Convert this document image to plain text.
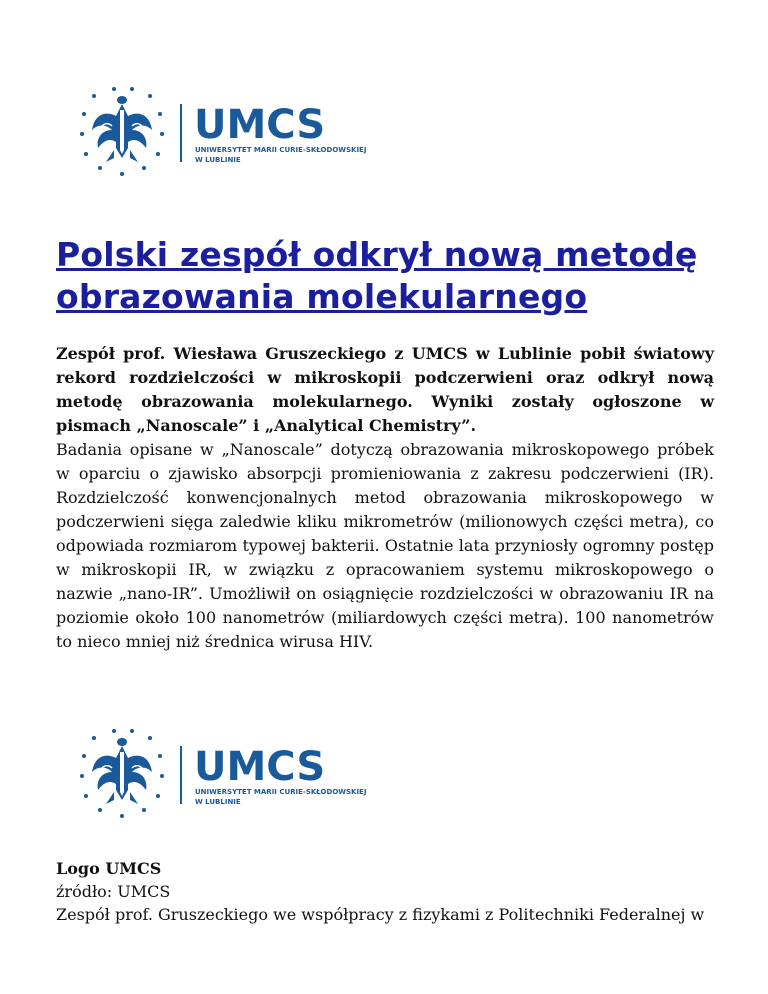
UMCS
UNIWERSYTET MARII CURIE-SKŁODOWSKIEJ
W LUBLINIE
Polski zespół odkrył nową metodę obrazowania molekularnego

Zespół prof. Wiesława Gruszeckiego z UMCS w Lublinie pobił światowy rekord rozdzielczości w mikroskopii podczerwieni oraz odkrył nową metodę obrazowania molekularnego. Wyniki zostały ogłoszone w pismach „Nanoscale” i „Analytical Chemistry”.

Badania opisane w „Nanoscale” dotyczą obrazowania mikroskopowego próbek w oparciu o zjawisko absorpcji promieniowania z zakresu podczerwieni (IR). Rozdzielczość konwencjonalnych metod obrazowania mikroskopowego w podczerwieni sięga zaledwie kliku mikrometrów (milionowych części metra), co odpowiada rozmiarom typowej bakterii. Ostatnie lata przyniosły ogromny postęp w mikroskopii IR, w związku z opracowaniem systemu mikroskopowego o nazwie „nano-IR”. Umożliwił on osiągnięcie rozdzielczości w obrazowaniu IR na poziomie około 100 nanometrów (miliardowych części metra). 100 nanometrów to nieco mniej niż średnica wirusa HIV.

UMCS
UNIWERSYTET MARII CURIE-SKŁODOWSKIEJ
W LUBLINIE

Logo UMCS

źródło: UMCS

Zespół prof. Gruszeckiego we współpracy z fizykami z Politechniki Federalnej w
